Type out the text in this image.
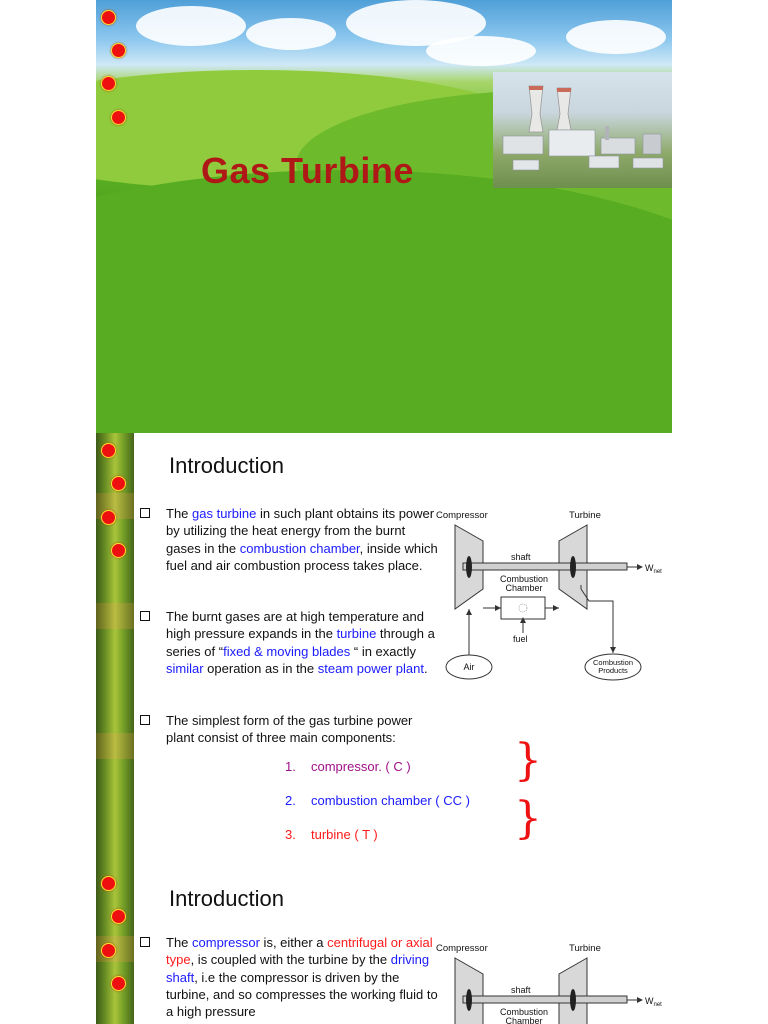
Gas Turbine
Introduction
The gas turbine in such plant obtains its power by utilizing the heat energy from the burnt gases in the combustion chamber, inside which fuel and air combustion process takes place.
The burnt gases are at high temperature and high pressure expands in the turbine through a series of “fixed & moving blades “ in exactly similar operation as in the steam power plant.
The simplest form of the gas turbine power plant consist of three main components:
1. compressor. ( C )
2. combustion chamber ( CC )
3. turbine ( T )
}
}
Compressor	Turbine
$W_{net}$
shaft
Combustion
Chamber
fuel
Air	Combustion
Products
Introduction
The compressor is, either a centrifugal or axial type, is coupled with the turbine by the driving shaft, i.e the compressor is driven by the turbine, and so compresses the working fluid to a high pressure
Compressor	Turbine
$W_{net}$
shaft
Combustion
Chamber
